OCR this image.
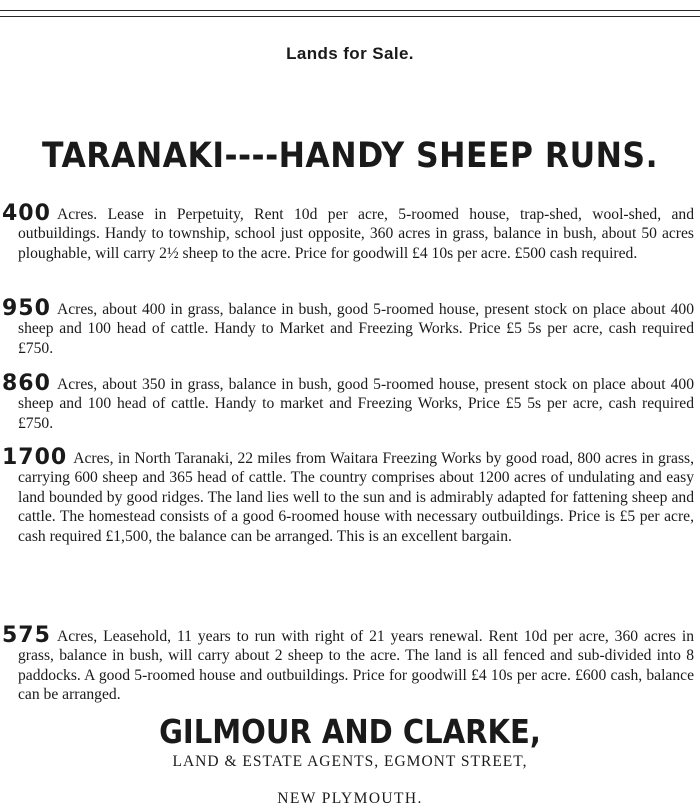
Lands for Sale.
TARANAKI----HANDY SHEEP RUNS.
400 Acres. Lease in Perpetuity, Rent 10d per acre, 5-roomed house, trap-shed, wool-shed, and outbuildings. Handy to township, school just opposite, 360 acres in grass, balance in bush, about 50 acres ploughable, will carry 2½ sheep to the acre. Price for goodwill £4 10s per acre. £500 cash required.
950 Acres, about 400 in grass, balance in bush, good 5-roomed house, present stock on place about 400 sheep and 100 head of cattle. Handy to Market and Freezing Works. Price £5 5s per acre, cash required £750.
860 Acres, about 350 in grass, balance in bush, good 5-roomed house, present stock on place about 400 sheep and 100 head of cattle. Handy to market and Freezing Works, Price £5 5s per acre, cash required £750.
1700 Acres, in North Taranaki, 22 miles from Waitara Freezing Works by good road, 800 acres in grass, carrying 600 sheep and 365 head of cattle. The country comprises about 1200 acres of undulating and easy land bounded by good ridges. The land lies well to the sun and is admirably adapted for fattening sheep and cattle. The homestead consists of a good 6-roomed house with necessary outbuildings. Price is £5 per acre, cash required £1,500, the balance can be arranged. This is an excellent bargain.
575 Acres, Leasehold, 11 years to run with right of 21 years renewal. Rent 10d per acre, 360 acres in grass, balance in bush, will carry about 2 sheep to the acre. The land is all fenced and sub-divided into 8 paddocks. A good 5-roomed house and outbuildings. Price for goodwill £4 10s per acre. £600 cash, balance can be arranged.
GILMOUR AND CLARKE,
LAND & ESTATE AGENTS, EGMONT STREET,
NEW PLYMOUTH.
